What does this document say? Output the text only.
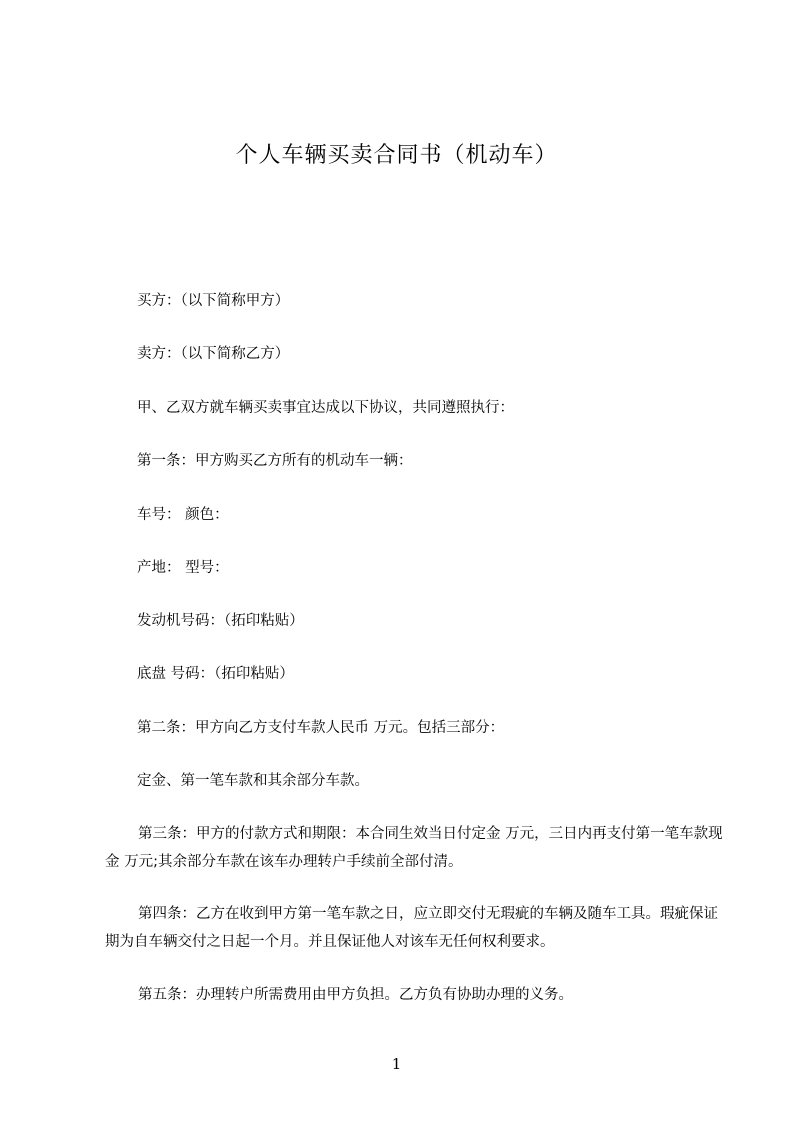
个人车辆买卖合同书（机动车）
买方：（以下简称甲方）
卖方：（以下简称乙方）
甲、乙双方就车辆买卖事宜达成以下协议，共同遵照执行：
第一条：甲方购买乙方所有的机动车一辆：
车号： 颜色：
产地： 型号：
发动机号码：（拓印粘贴）
底盘 号码：（拓印粘贴）
第二条：甲方向乙方支付车款人民币 万元。包括三部分：
定金、第一笔车款和其余部分车款。
第三条：甲方的付款方式和期限：本合同生效当日付定金 万元，三日内再支付第一笔车款现金 万元;其余部分车款在该车办理转户手续前全部付清。
第四条：乙方在收到甲方第一笔车款之日，应立即交付无瑕疵的车辆及随车工具。瑕疵保证期为自车辆交付之日起一个月。并且保证他人对该车无任何权利要求。
第五条：办理转户所需费用由甲方负担。乙方负有协助办理的义务。
1
